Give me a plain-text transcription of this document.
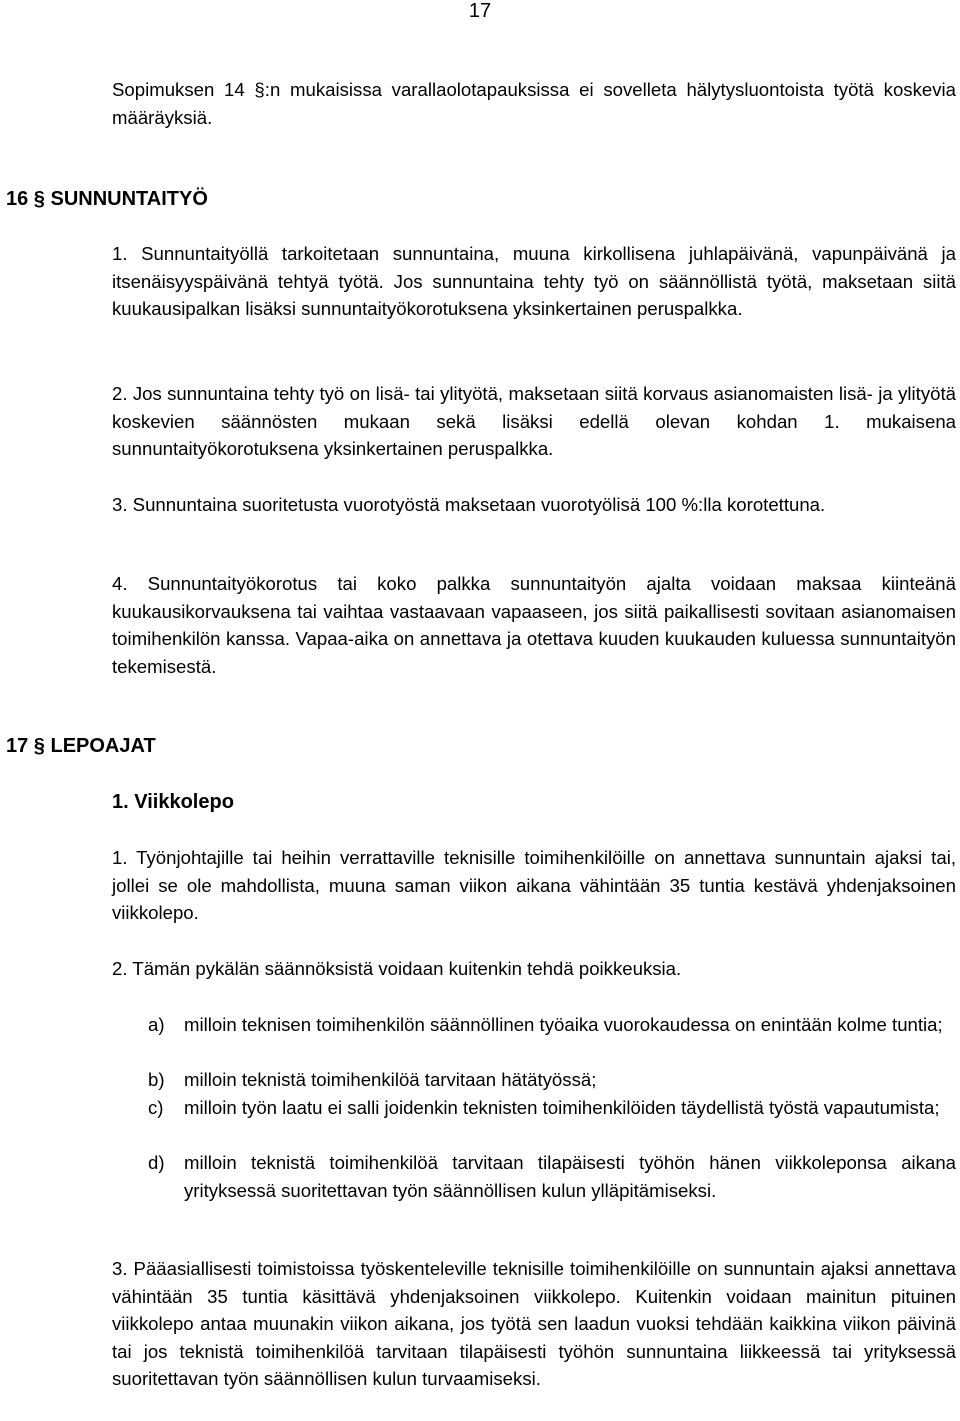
17

Sopimuksen 14 §:n mukaisissa varallaolotapauksissa ei sovelleta hälytysluontoista työtä koskevia määräyksiä.

16 § SUNNUNTAITYÖ

1. Sunnuntaityöllä tarkoitetaan sunnuntaina, muuna kirkollisena juhlapäivänä, vapunpäivänä ja itsenäisyyspäivänä tehtyä työtä. Jos sunnuntaina tehty työ on säännöllistä työtä, maksetaan siitä kuukausipalkan lisäksi sunnuntaityökorotuksena yksinkertainen peruspalkka.

2. Jos sunnuntaina tehty työ on lisä- tai ylityötä, maksetaan siitä korvaus asianomaisten lisä- ja ylityötä koskevien säännösten mukaan sekä lisäksi edellä olevan kohdan 1. mukaisena sunnuntaityökorotuksena yksinkertainen peruspalkka.

3. Sunnuntaina suoritetusta vuorotyöstä maksetaan vuorotyölisä 100 %:lla korotettuna.

4. Sunnuntaityökorotus tai koko palkka sunnuntaityön ajalta voidaan maksaa kiinteänä kuukausikorvauksena tai vaihtaa vastaavaan vapaaseen, jos siitä paikallisesti sovitaan asianomaisen toimihenkilön kanssa. Vapaa-aika on annettava ja otettava kuuden kuukauden kuluessa sunnuntaityön tekemisestä.

17 § LEPOAJAT
1. Viikkolepo

1. Työnjohtajille tai heihin verrattaville teknisille toimihenkilöille on annettava sunnuntain ajaksi tai, jollei se ole mahdollista, muuna saman viikon aikana vähintään 35 tuntia kestävä yhdenjaksoinen viikkolepo.

2. Tämän pykälän säännöksistä voidaan kuitenkin tehdä poikkeuksia.

a) milloin teknisen toimihenkilön säännöllinen työaika vuorokaudessa on enintään kolme tuntia;
b) milloin teknistä toimihenkilöä tarvitaan hätätyössä;
c) milloin työn laatu ei salli joidenkin teknisten toimihenkilöiden täydellistä työstä vapautumista;
d) milloin teknistä toimihenkilöä tarvitaan tilapäisesti työhön hänen viikkoleponsa aikana yrityksessä suoritettavan työn säännöllisen kulun ylläpitämiseksi.

3. Pääasiallisesti toimistoissa työskenteleville teknisille toimihenkilöille on sunnuntain ajaksi annettava vähintään 35 tuntia käsittävä yhdenjaksoinen viikkolepo. Kuitenkin voidaan mainitun pituinen viikkolepo antaa muunakin viikon aikana, jos työtä sen laadun vuoksi tehdään kaikkina viikon päivinä tai jos teknistä toimihenkilöä tarvitaan tilapäisesti työhön sunnuntaina liikkeessä tai yrityksessä suoritettavan työn säännöllisen kulun turvaamiseksi.
